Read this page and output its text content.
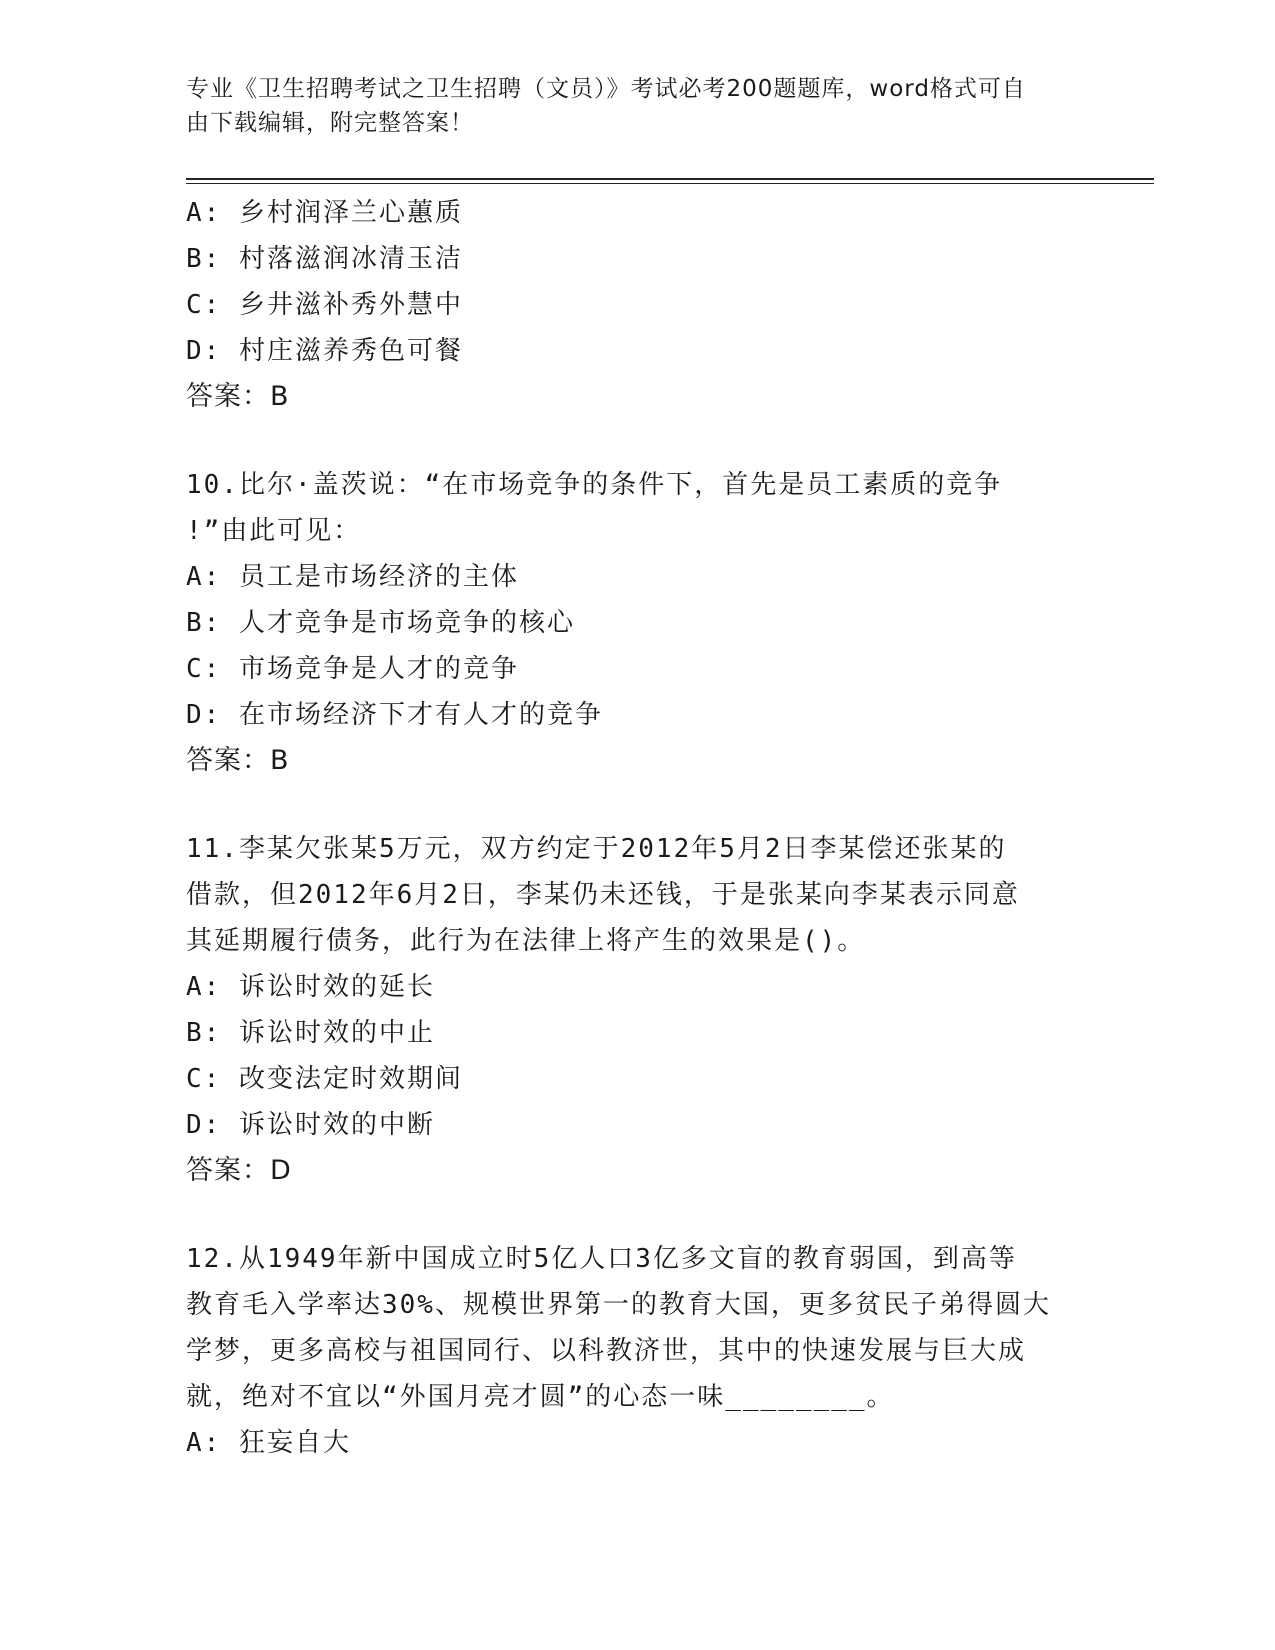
专业《卫生招聘考试之卫生招聘（文员）》考试必考200题题库，word格式可自
由下载编辑，附完整答案！
A: 乡村润泽兰心蕙质
B: 村落滋润冰清玉洁
C: 乡井滋补秀外慧中
D: 村庄滋养秀色可餐
答案：B
10.比尔·盖茨说：“在市场竞争的条件下，首先是员工素质的竞争
!”由此可见：
A: 员工是市场经济的主体
B: 人才竞争是市场竞争的核心
C: 市场竞争是人才的竞争
D: 在市场经济下才有人才的竞争
答案：B
11.李某欠张某5万元，双方约定于2012年5月2日李某偿还张某的
借款，但2012年6月2日，李某仍未还钱，于是张某向李某表示同意
其延期履行债务，此行为在法律上将产生的效果是()。
A: 诉讼时效的延长
B: 诉讼时效的中止
C: 改变法定时效期间
D: 诉讼时效的中断
答案：D
12.从1949年新中国成立时5亿人口3亿多文盲的教育弱国，到高等
教育毛入学率达30%、规模世界第一的教育大国，更多贫民子弟得圆大
学梦，更多高校与祖国同行、以科教济世，其中的快速发展与巨大成
就，绝对不宜以“外国月亮才圆”的心态一味________。
A: 狂妄自大
